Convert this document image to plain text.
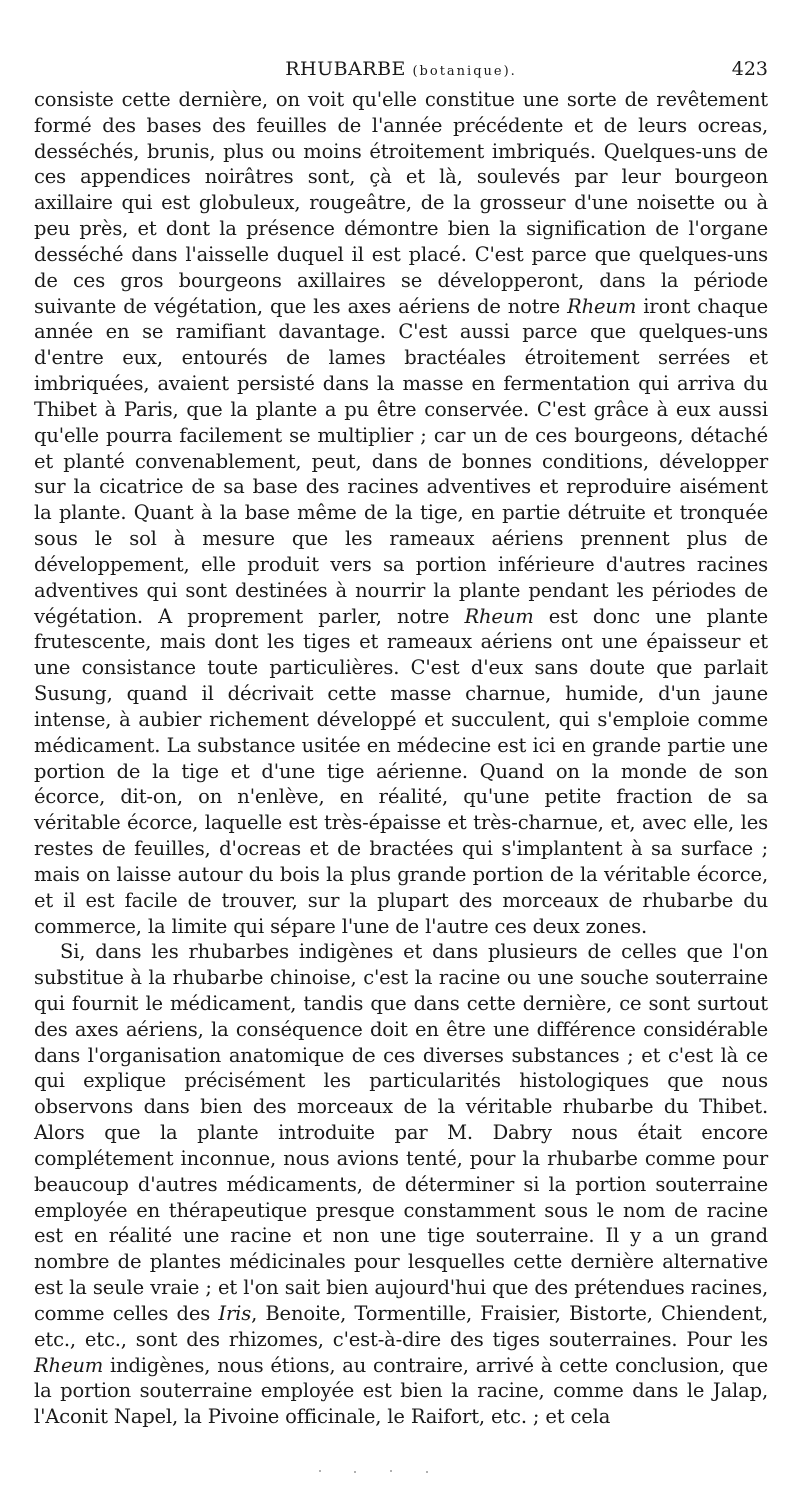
RHUBARBE (botanique).	423

consiste cette dernière, on voit qu'elle constitue une sorte de revêtement formé des bases des feuilles de l'année précédente et de leurs ocreas, desséchés, brunis, plus ou moins étroitement imbriqués. Quelques-uns de ces appendices noirâtres sont, çà et là, soulevés par leur bourgeon axillaire qui est globuleux, rougeâtre, de la grosseur d'une noisette ou à peu près, et dont la présence démontre bien la signification de l'organe desséché dans l'aisselle duquel il est placé. C'est parce que quelques-uns de ces gros bourgeons axillaires se développeront, dans la période suivante de végétation, que les axes aériens de notre Rheum iront chaque année en se ramifiant davantage. C'est aussi parce que quelques-uns d'entre eux, entourés de lames bractéales étroitement serrées et imbriquées, avaient persisté dans la masse en fermentation qui arriva du Thibet à Paris, que la plante a pu être conservée. C'est grâce à eux aussi qu'elle pourra facilement se multiplier ; car un de ces bourgeons, détaché et planté convenablement, peut, dans de bonnes conditions, développer sur la cicatrice de sa base des racines adventives et reproduire aisément la plante. Quant à la base même de la tige, en partie détruite et tronquée sous le sol à mesure que les rameaux aériens prennent plus de développement, elle produit vers sa portion inférieure d'autres racines adventives qui sont destinées à nourrir la plante pendant les périodes de végétation. A proprement parler, notre Rheum est donc une plante frutescente, mais dont les tiges et rameaux aériens ont une épaisseur et une consistance toute particulières. C'est d'eux sans doute que parlait Susung, quand il décrivait cette masse charnue, humide, d'un jaune intense, à aubier richement développé et succulent, qui s'emploie comme médicament. La substance usitée en médecine est ici en grande partie une portion de la tige et d'une tige aérienne. Quand on la monde de son écorce, dit-on, on n'enlève, en réalité, qu'une petite fraction de sa véritable écorce, laquelle est très-épaisse et très-charnue, et, avec elle, les restes de feuilles, d'ocreas et de bractées qui s'implantent à sa surface ; mais on laisse autour du bois la plus grande portion de la véritable écorce, et il est facile de trouver, sur la plupart des morceaux de rhubarbe du commerce, la limite qui sépare l'une de l'autre ces deux zones.

Si, dans les rhubarbes indigènes et dans plusieurs de celles que l'on substitue à la rhubarbe chinoise, c'est la racine ou une souche souterraine qui fournit le médicament, tandis que dans cette dernière, ce sont surtout des axes aériens, la conséquence doit en être une différence considérable dans l'organisation anatomique de ces diverses substances ; et c'est là ce qui explique précisément les particularités histologiques que nous observons dans bien des morceaux de la véritable rhubarbe du Thibet. Alors que la plante introduite par M. Dabry nous était encore complétement inconnue, nous avions tenté, pour la rhubarbe comme pour beaucoup d'autres médicaments, de déterminer si la portion souterraine employée en thérapeutique presque constamment sous le nom de racine est en réalité une racine et non une tige souterraine. Il y a un grand nombre de plantes médicinales pour lesquelles cette dernière alternative est la seule vraie ; et l'on sait bien aujourd'hui que des prétendues racines, comme celles des Iris, Benoite, Tormentille, Fraisier, Bistorte, Chiendent, etc., etc., sont des rhizomes, c'est-à-dire des tiges souterraines. Pour les Rheum indigènes, nous étions, au contraire, arrivé à cette conclusion, que la portion souterraine employée est bien la racine, comme dans le Jalap, l'Aconit Napel, la Pivoine officinale, le Raifort, etc. ; et cela
